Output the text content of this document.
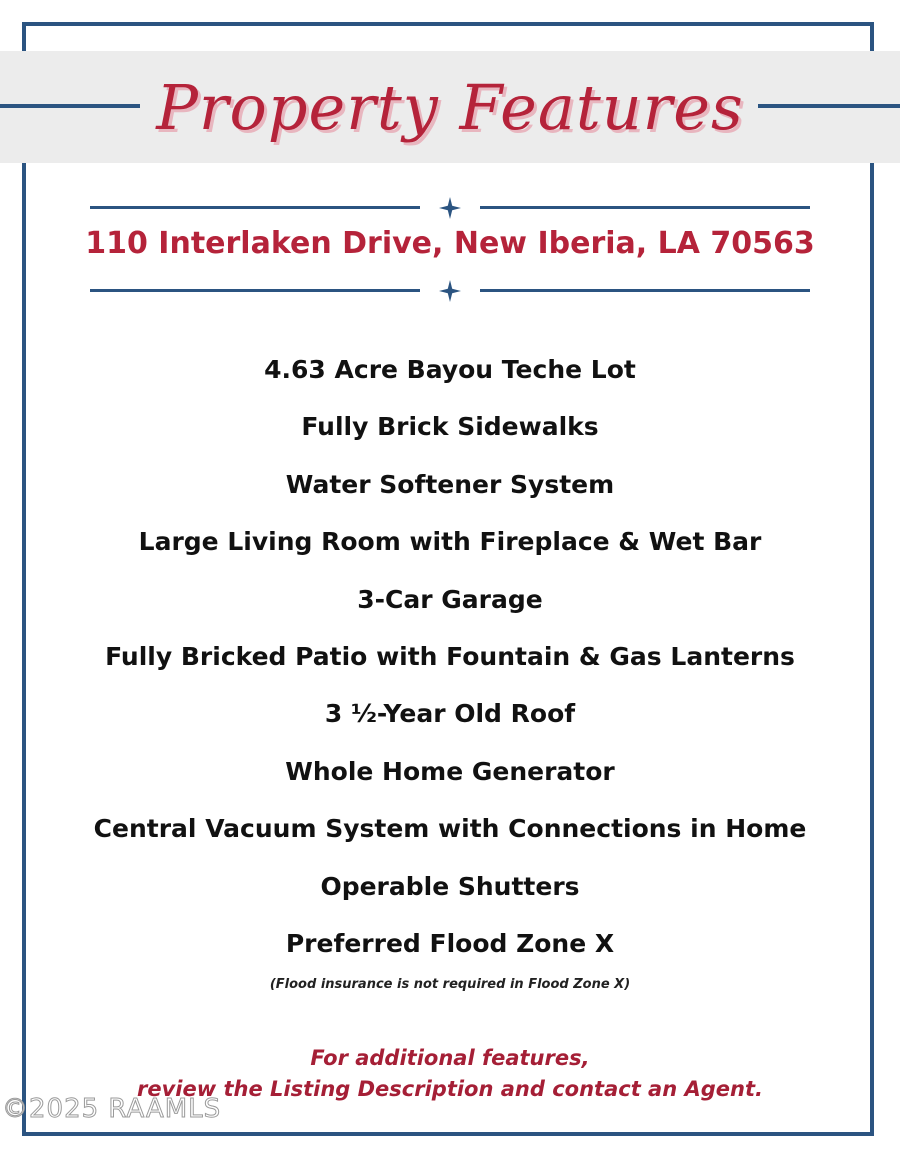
Property Features
110 Interlaken Drive, New Iberia, LA 70563
4.63 Acre Bayou Teche Lot
Fully Brick Sidewalks
Water Softener System
Large Living Room with Fireplace & Wet Bar
3-Car Garage
Fully Bricked Patio with Fountain & Gas Lanterns
3 ½-Year Old Roof
Whole Home Generator
Central Vacuum System with Connections in Home
Operable Shutters
Preferred Flood Zone X
(Flood insurance is not required in Flood Zone X)
For additional features,
review the Listing Description and contact an Agent.
©2025 RAAMLS
